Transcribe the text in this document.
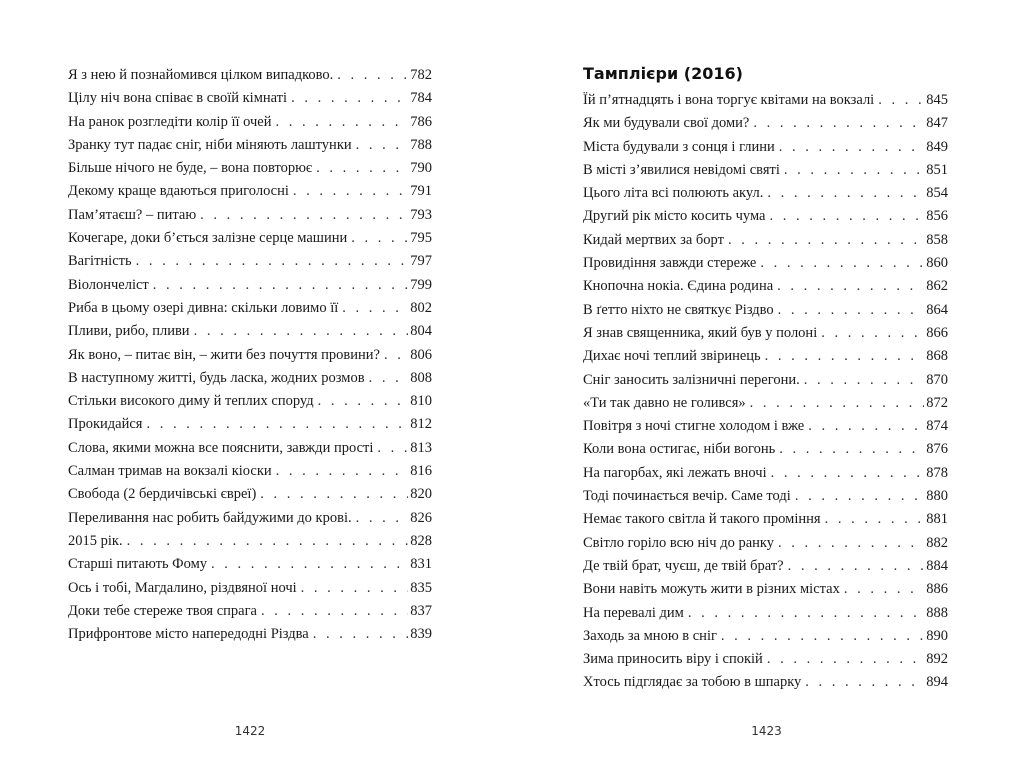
Я з нею й познайомився цілком випадково. . . .	782
Цілу ніч вона співає в своїй кімнаті . . .	784
На ранок розгледіти колір її очей . . .	786
Зранку тут падає сніг, ніби міняють лаштунки . . .	788
Більше нічого не буде, – вона повторює . . .	790
Декому краще вдаються приголосні . . .	791
Пам’ятаєш? – питаю . . .	793
Кочегаре, доки б’ється залізне серце машини . . .	795
Вагітність . . .	797
Віолончеліст . . .	799
Риба в цьому озері дивна: скільки ловимо її . . .	802
Пливи, рибо, пливи . . .	804
Як воно, – питає він, – жити без почуття провини? . . . 806
В наступному житті, будь ласка, жодних розмов . . .	808
Стільки високого диму й теплих споруд . . .	810
Прокидайся . . .	812
Слова, якими можна все пояснити, завжди прості . . .	813
Салман тримав на вокзалі кіоски . . .	816
Свобода (2 бердичівські євреї) . . .	820
Переливання нас робить байдужими до крові. . . .	826
2015 рік. . . .	828
Старші питають Фому . . .	831
Ось і тобі, Магдалино, різдвяної ночі . . .	835
Доки тебе стереже твоя спрага . . .	837
Прифронтове місто напередодні Різдва . . .	839
1422
Тамплієри (2016)
Їй п’ятнадцять і вона торгує квітами на вокзалі . . .	845
Як ми будували свої доми? . . .	847
Міста будували з сонця і глини . . .	849
В місті з’явилися невідомі святі . . .	851
Цього літа всі полюють акул. . . .	854
Другий рік місто косить чума . . .	856
Кидай мертвих за борт . . .	858
Провидіння завжди стереже . . .	860
Кнопочна нокіа. Єдина родина . . .	862
В ґетто ніхто не святкує Різдво . . .	864
Я знав священника, який був у полоні . . .	866
Дихає ночі теплий звіринець . . .	868
Сніг заносить залізничні перегони. . . .	870
«Ти так давно не голився» . . .	872
Повітря з ночі стигне холодом і вже . . .	874
Коли вона остигає, ніби вогонь . . .	876
На пагорбах, які лежать вночі . . .	878
Тоді починається вечір. Саме тоді . . .	880
Немає такого світла й такого проміння . . .	881
Світло горіло всю ніч до ранку . . .	882
Де твій брат, чуєш, де твій брат? . . .	884
Вони навіть можуть жити в різних містах . . .	886
На перевалі дим . . .	888
Заходь за мною в сніг . . .	890
Зима приносить віру і спокій . . .	892
Хтось підглядає за тобою в шпарку . . .	894
1423
